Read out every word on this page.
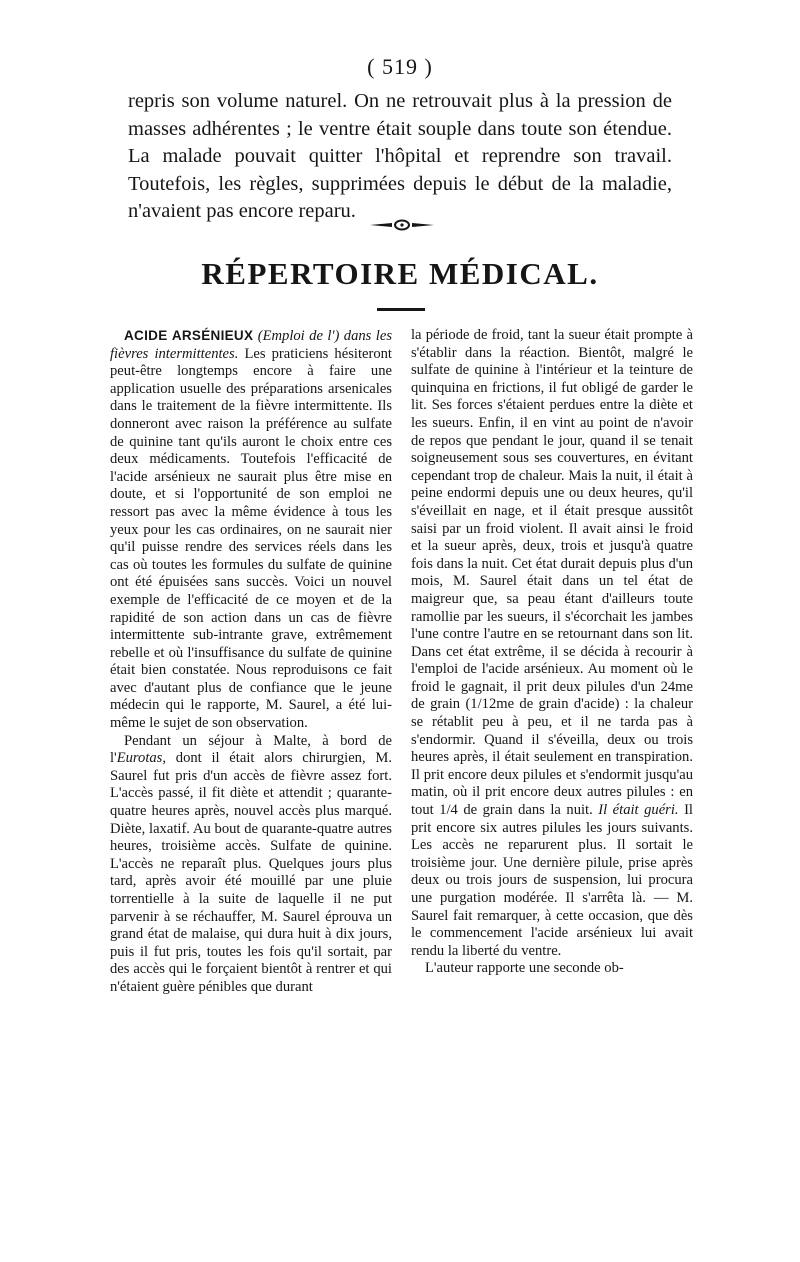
( 519 )
repris son volume naturel. On ne retrouvait plus à la pression de masses adhérentes ; le ventre était souple dans toute son étendue. La malade pouvait quitter l'hôpital et reprendre son travail. Toutefois, les règles, supprimées depuis le début de la maladie, n'avaient pas encore reparu.
RÉPERTOIRE MÉDICAL.

ACIDE ARSÉNIEUX (Emploi de l') dans les fièvres intermittentes. Les praticiens hésiteront peut-être longtemps encore à faire une application usuelle des préparations arsenicales dans le traitement de la fièvre intermittente. Ils donneront avec raison la préférence au sulfate de quinine tant qu'ils auront le choix entre ces deux médicaments. Toutefois l'efficacité de l'acide arsénieux ne saurait plus être mise en doute, et si l'opportunité de son emploi ne ressort pas avec la même évidence à tous les yeux pour les cas ordinaires, on ne saurait nier qu'il puisse rendre des services réels dans les cas où toutes les formules du sulfate de quinine ont été épuisées sans succès. Voici un nouvel exemple de l'efficacité de ce moyen et de la rapidité de son action dans un cas de fièvre intermittente sub-intrante grave, extrêmement rebelle et où l'insuffisance du sulfate de quinine était bien constatée. Nous reproduisons ce fait avec d'autant plus de confiance que le jeune médecin qui le rapporte, M. Saurel, a été lui-même le sujet de son observation.

Pendant un séjour à Malte, à bord de l'Eurotas, dont il était alors chirurgien, M. Saurel fut pris d'un accès de fièvre assez fort. L'accès passé, il fit diète et attendit ; quarante-quatre heures après, nouvel accès plus marqué. Diète, laxatif. Au bout de quarante-quatre autres heures, troisième accès. Sulfate de quinine. L'accès ne reparaît plus. Quelques jours plus tard, après avoir été mouillé par une pluie torrentielle à la suite de laquelle il ne put parvenir à se réchauffer, M. Saurel éprouva un grand état de malaise, qui dura huit à dix jours, puis il fut pris, toutes les fois qu'il sortait, par des accès qui le forçaient bientôt à rentrer et qui n'étaient guère pénibles que durant

la période de froid, tant la sueur était prompte à s'établir dans la réaction. Bientôt, malgré le sulfate de quinine à l'intérieur et la teinture de quinquina en frictions, il fut obligé de garder le lit. Ses forces s'étaient perdues entre la diète et les sueurs. Enfin, il en vint au point de n'avoir de repos que pendant le jour, quand il se tenait soigneusement sous ses couvertures, en évitant cependant trop de chaleur. Mais la nuit, il était à peine endormi depuis une ou deux heures, qu'il s'éveillait en nage, et il était presque aussitôt saisi par un froid violent. Il avait ainsi le froid et la sueur après, deux, trois et jusqu'à quatre fois dans la nuit. Cet état durait depuis plus d'un mois, M. Saurel était dans un tel état de maigreur que, sa peau étant d'ailleurs toute ramollie par les sueurs, il s'écorchait les jambes l'une contre l'autre en se retournant dans son lit. Dans cet état extrême, il se décida à recourir à l'emploi de l'acide arsénieux. Au moment où le froid le gagnait, il prit deux pilules d'un 24me de grain (1/12me de grain d'acide) : la chaleur se rétablit peu à peu, et il ne tarda pas à s'endormir. Quand il s'éveilla, deux ou trois heures après, il était seulement en transpiration. Il prit encore deux pilules et s'endormit jusqu'au matin, où il prit encore deux autres pilules : en tout 1/4 de grain dans la nuit. Il était guéri. Il prit encore six autres pilules les jours suivants. Les accès ne reparurent plus. Il sortait le troisième jour. Une dernière pilule, prise après deux ou trois jours de suspension, lui procura une purgation modérée. Il s'arrêta là. — M. Saurel fait remarquer, à cette occasion, que dès le commencement l'acide arsénieux lui avait rendu la liberté du ventre.

L'auteur rapporte une seconde ob-
